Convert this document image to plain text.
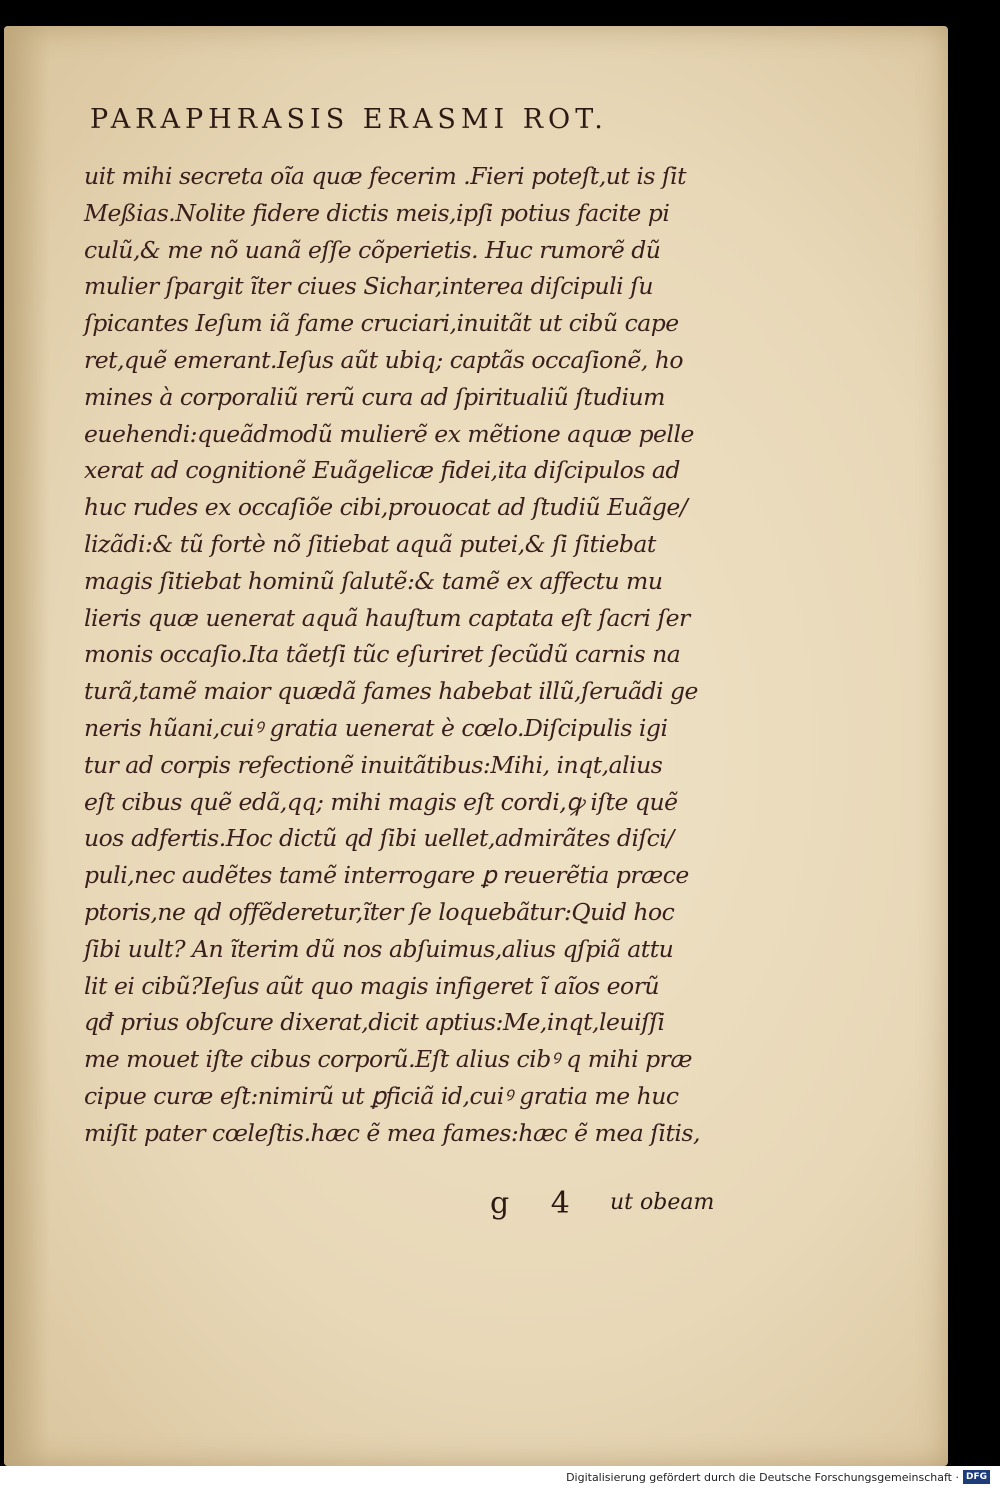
PARAPHRASIS ERASMI ROT.
uit mihi secreta oĩa quæ fecerim .Fieri poteſt,ut is ſit
Meßias.Nolite fidere dictis meis,ipſi potius facite pi
culũ,& me nõ uanã eſſe cõperietis. Huc rumorẽ dũ
mulier ſpargit ĩter ciues Sichar,interea diſcipuli ſu
ſpicantes Ieſum iã fame cruciari,inuitãt ut cibũ cape
ret,quẽ emerant.Ieſus aũt ubiq; captãs occaſionẽ, ho
mines à corporaliũ rerũ cura ad ſpiritualiũ ſtudium
euehendi:queãdmodũ mulierẽ ex mẽtione aquæ pelle
xerat ad cognitionẽ Euãgelicæ fidei,ita diſcipulos ad
huc rudes ex occaſiõe cibi,prouocat ad ſtudiũ Euãge/
lizãdi:& tũ fortè nõ ſitiebat aquã putei,& ſi ſitiebat
magis ſitiebat hominũ ſalutẽ:& tamẽ ex affectu mu
lieris quæ uenerat aquã hauſtum captata eſt ſacri ſer
monis occaſio.Ita tãetſi tũc eſuriret ſecũdũ carnis na
turã,tamẽ maior quædã fames habebat illũ,ſeruãdi ge
neris hũani,cuiꝰ gratia uenerat è cœlo.Diſcipulis igi
tur ad corpis refectionẽ inuitãtibus:Mihi, inqt,alius
eſt cibus quẽ edã,qq; mihi magis eſt cordi,ꝙ iſte quẽ
uos adfertis.Hoc dictũ qd ſibi uellet,admirãtes diſci/
puli,nec audẽtes tamẽ interrogare ꝑ reuerẽtia præce
ptoris,ne qd offẽderetur,ĩter ſe loquebãtur:Quid hoc
ſibi uult? An ĩterim dũ nos abſuimus,alius qſpiã attu
lit ei cibũ?Ieſus aũt quo magis infigeret ĩ aĩos eorũ
qđ prius obſcure dixerat,dicit aptius:Me,inqt,leuiſſi
me mouet iſte cibus corporũ.Eſt alius cibꝰ q mihi præ
cipue curæ eſt:nimirũ ut ꝑficiã id,cuiꝰ gratia me huc
miſit pater cœleſtis.hæc ẽ mea fames:hæc ẽ mea ſitis,
g 4 ut obeam
Digitalisierung gefördert durch die Deutsche Forschungsgemeinschaft · DFG
